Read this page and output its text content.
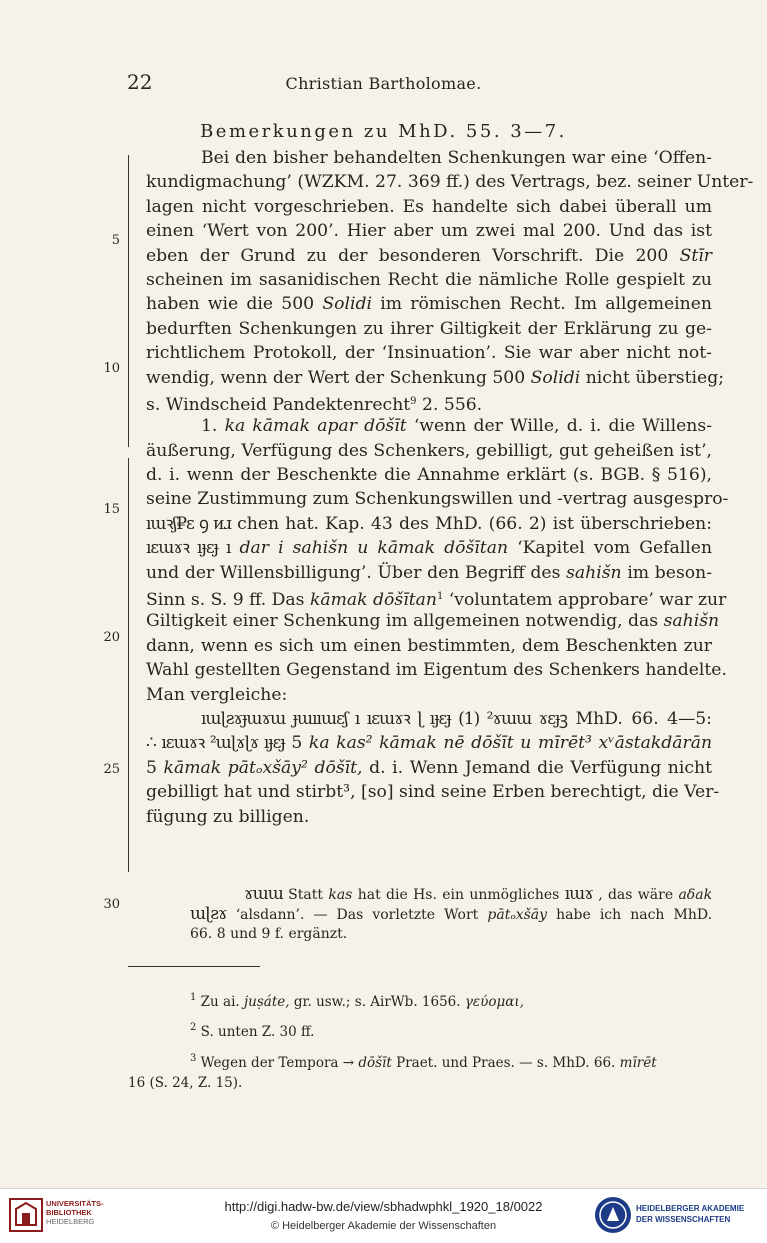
22	Christian Bartholomae.
Bemerkungen zu MhD. 55. 3—7.
5
10
15
20
25
30
Bei den bisher behandelten Schenkungen war eine ‘Offen-
kundigmachung’ (WZKM. 27. 369 ff.) des Vertrags, bez. seiner Unter-
lagen nicht vorgeschrieben. Es handelte sich dabei überall um
einen ‘Wert von 200’. Hier aber um zwei mal 200. Und das ist
eben der Grund zu der besonderen Vorschrift. Die 200 Stīr
scheinen im sasanidischen Recht die nämliche Rolle gespielt zu
haben wie die 500 Solidi im römischen Recht. Im allgemeinen
bedurften Schenkungen zu ihrer Giltigkeit der Erklärung zu ge-
richtlichem Protokoll, der ‘Insinuation’. Sie war aber nicht not-
wendig, wenn der Wert der Schenkung 500 Solidi nicht überstieg;
s. Windscheid Pandektenrecht$^9$ 2. 556.
1. ka kāmak apar dōšīt ‘wenn der Wille, d. i. die Willens-
äußerung, Verfügung des Schenkers, gebilligt, gut geheißen ist’,
d. i. wenn der Beschenkte die Annahme erklärt (s. BGB. § 516),
seine Zustimmung zum Schenkungswillen und -vertrag ausgespro-
ıɯꝛʃ₽ɛ ꝯ ᴎɹ chen hat. Kap. 43 des MhD. (66. 2) ist überschrieben:
ıɛɯɤꝛ ıɟɛɟ ı dar i sahišn u kāmak dōšītan ‘Kapitel vom Gefallen
und der Willensbilligung’. Über den Begriff des sahišn im beson-
Sinn s. S. 9 ff. Das kāmak dōšītan$^1$ ‘voluntatem approbare’ war zur
Giltigkeit einer Schenkung im allgemeinen notwendig, das sahišn
dann, wenn es sich um einen bestimmten, dem Beschenkten zur
Wahl gestellten Gegenstand im Eigentum des Schenkers handelte.
Man vergleiche:
ıɯɭƨɤɟɯɤɯ ɟɯııɯɛʃ ı ıɛɯɤꝛ ɭ ıɟɛɟ (1) ²ɤɯɯ ɤɛɟꝫ MhD. 66. 4—5:
∴ ıɛɯɤꝛ ²ɯɭɤɭɤ ıɟɛɟ 5 ka kas² kāmak nē dōšīt u mīrēt³ xᵛāstakdārān
5 kāmak pātₒxšāy² dōšīt, d. i. Wenn Jemand die Verfügung nicht
gebilligt hat und stirbt³, [so] sind seine Erben berechtigt, die Ver-
fügung zu billigen.
ɤɯɯ Statt kas hat die Hs. ein unmögliches ıɯɤ , das wäre aδak
ɯɭƨɤ ‘alsdann’. — Das vorletzte Wort pātₒxšāy habe ich nach MhD.
66. 8 und 9 f. ergänzt.
$^1$ Zu ai. juṣáte, gr. usw.; s. AirWb. 1656. γεύομαι,
$^2$ S. unten Z. 30 ff.
$^3$ Wegen der Tempora → dōšīt Praet. und Praes. — s. MhD. 66. mīrēt
16 (S. 24, Z. 15).
UNIVERSITÄTS-
BIBLIOTHEK
HEIDELBERG
http://digi.hadw-bw.de/view/sbhadwphkl_1920_18/0022
© Heidelberger Akademie der Wissenschaften
HEIDELBERGER AKADEMIE
DER WISSENSCHAFTEN
